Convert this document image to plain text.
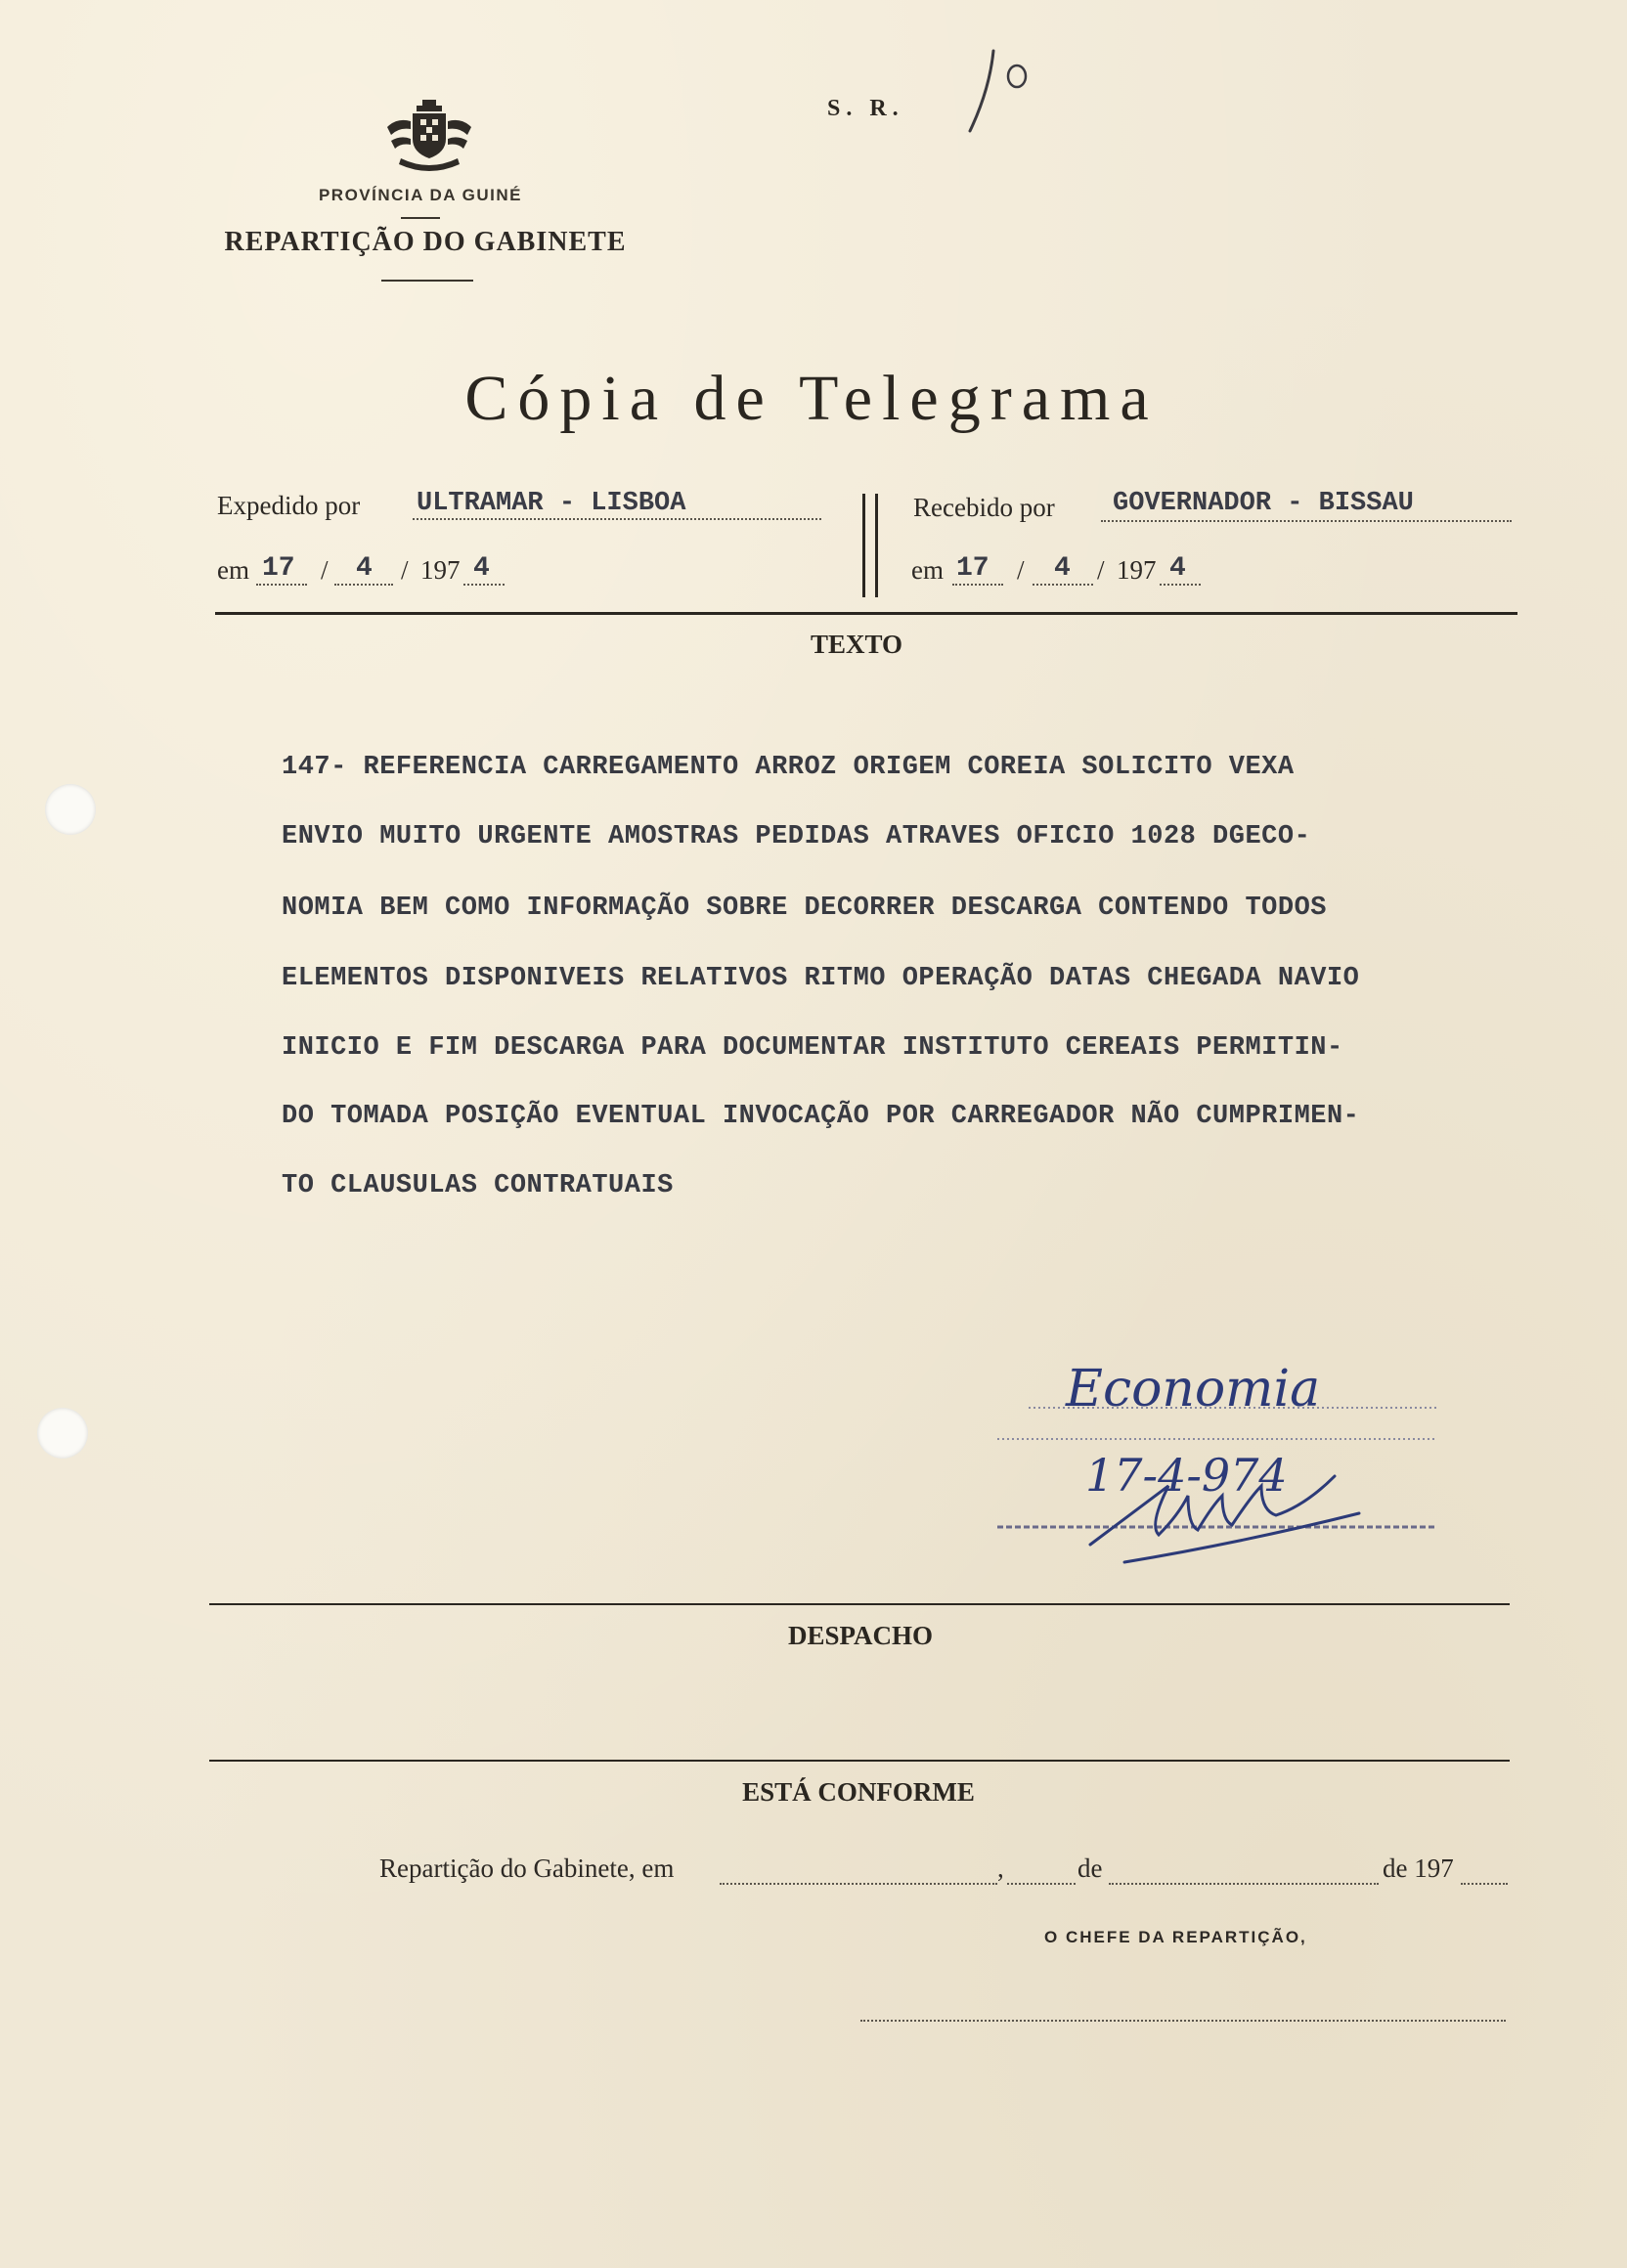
PROVÍNCIA DA GUINÉ
REPARTIÇÃO DO GABINETE
S. R.
10
Cópia de Telegrama
Expedido por ULTRAMAR - LISBOA
em 17 / 4 / 197 4
Recebido por GOVERNADOR - BISSAU
em 17 / 4 / 197 4
TEXTO
147- REFERENCIA CARREGAMENTO ARROZ ORIGEM COREIA SOLICITO VEXA
ENVIO MUITO URGENTE AMOSTRAS PEDIDAS ATRAVES OFICIO 1028 DGECO-
NOMIA BEM COMO INFORMAÇÃO SOBRE DECORRER DESCARGA CONTENDO TODOS
ELEMENTOS DISPONIVEIS RELATIVOS RITMO OPERAÇÃO DATAS CHEGADA NAVIO
INICIO E FIM DESCARGA PARA DOCUMENTAR INSTITUTO CEREAIS PERMITIN-
DO TOMADA POSIÇÃO EVENTUAL INVOCAÇÃO POR CARREGADOR NÃO CUMPRIMEN-
TO CLAUSULAS CONTRATUAIS
Economia
17-4-974
DESPACHO
ESTÁ CONFORME
Repartição do Gabinete, em	,	de	de 197
O CHEFE DA REPARTIÇÃO,
